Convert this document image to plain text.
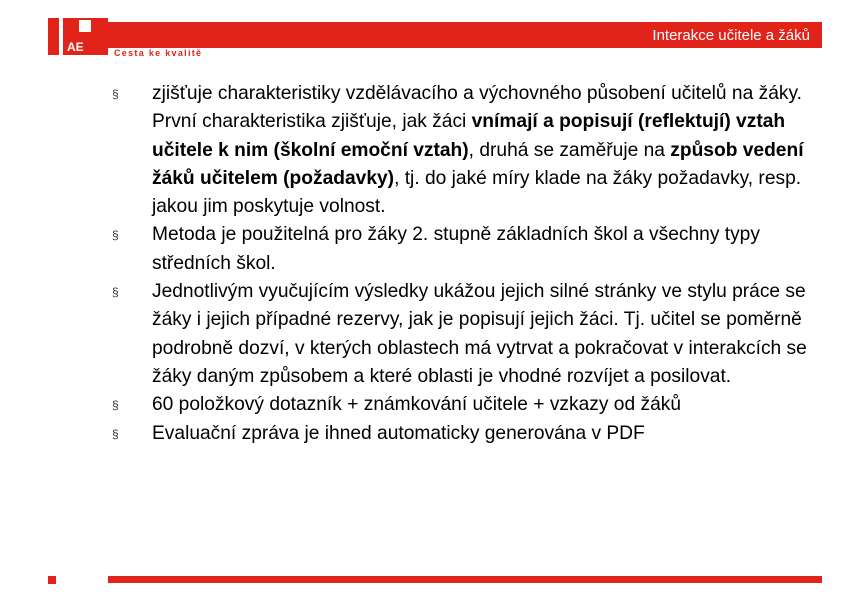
AE
Interakce učitele a žáků
Cesta ke kvalitě
§ zjišťuje charakteristiky vzdělávacího a výchovného působení učitelů na žáky. První charakteristika zjišťuje, jak žáci vnímají a popisují (reflektují) vztah učitele k nim (školní emoční vztah), druhá se zaměřuje na způsob vedení žáků učitelem (požadavky), tj. do jaké míry klade na žáky požadavky, resp. jakou jim poskytuje volnost.
§ Metoda je použitelná pro žáky 2. stupně základních škol a všechny typy středních škol.
§ Jednotlivým vyučujícím výsledky ukážou jejich silné stránky ve stylu práce se žáky i jejich případné rezervy, jak je popisují jejich žáci. Tj. učitel se poměrně podrobně dozví, v kterých oblastech má vytrvat a pokračovat v interakcích se žáky daným způsobem a které oblasti je vhodné rozvíjet a posilovat.
§ 60 položkový dotazník + známkování učitele + vzkazy od žáků
§ Evaluační zpráva je ihned automaticky generována v PDF
